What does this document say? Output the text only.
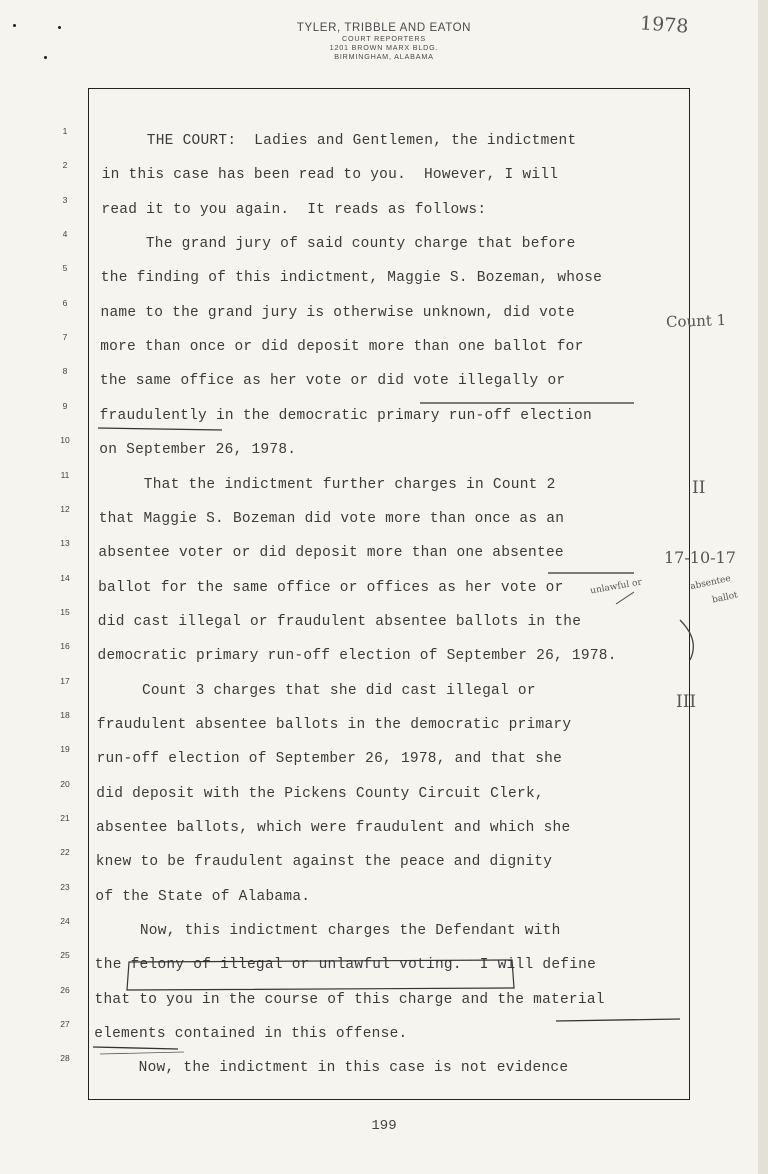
TYLER, TRIBBLE AND EATON
COURT REPORTERS
1201 BROWN MARX BLDG.
BIRMINGHAM, ALABAMA
1978
1
THE COURT:  Ladies and Gentlemen, the indictment
2
in this case has been read to you.  However, I will
3
read it to you again.  It reads as follows:
4
The grand jury of said county charge that before
5
the finding of this indictment, Maggie S. Bozeman, whose
6
name to the grand jury is otherwise unknown, did vote
7
more than once or did deposit more than one ballot for
8
the same office as her vote or did vote illegally or
9
fraudulently in the democratic primary run-off election
10
on September 26, 1978.
11
That the indictment further charges in Count 2
12
that Maggie S. Bozeman did vote more than once as an
13
absentee voter or did deposit more than one absentee
14
ballot for the same office or offices as her vote or
15
did cast illegal or fraudulent absentee ballots in the
16
democratic primary run-off election of September 26, 1978.
17
Count 3 charges that she did cast illegal or
18
fraudulent absentee ballots in the democratic primary
19
run-off election of September 26, 1978, and that she
20
did deposit with the Pickens County Circuit Clerk,
21
absentee ballots, which were fraudulent and which she
22
knew to be fraudulent against the peace and dignity
23
of the State of Alabama.
24
Now, this indictment charges the Defendant with
25
the felony of illegal or unlawful voting.  I will define
26
that to you in the course of this charge and the material
27
elements contained in this offense.
28
Now, the indictment in this case is not evidence
Count 1
II
17-10-17
unlawful or	absentee
ballot
III
199
